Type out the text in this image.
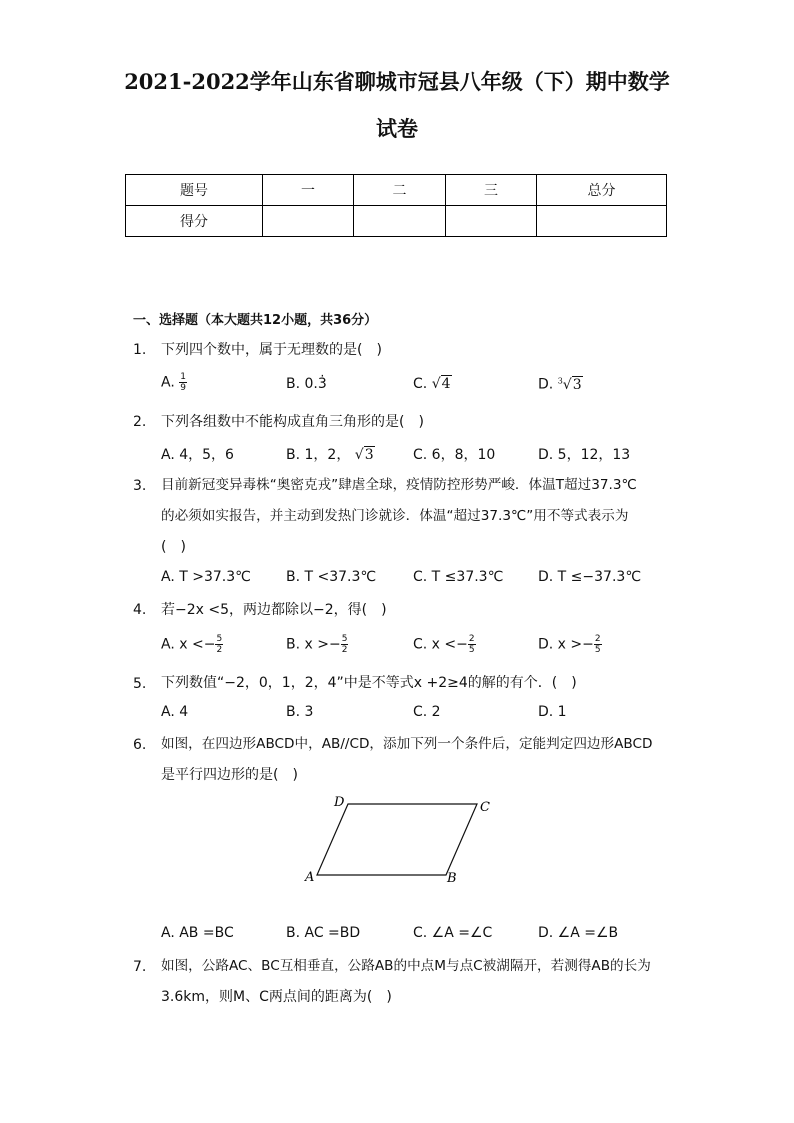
2021-2022学年山东省聊城市冠县八年级（下）期中数学
试卷
题号	一	二	三	总分
得分				
一、选择题（本大题共12小题，共36分）
1. 下列四个数中，属于无理数的是(　)
A. $\frac{1}{9}$	B. 0.3̇	C. √4	D. $^3$√3
2. 下列各组数中不能构成直角三角形的是(　)
A. 4，5，6	B. 1，2， √3	C. 6，8，10	D. 5，12，13
3. 目前新冠变异毒株“奥密克戎”肆虐全球，疫情防控形势严峻．体温T超过37.3℃
的必须如实报告，并主动到发热门诊就诊．体温“超过37.3℃”用不等式表示为
(　)
A. T >37.3℃	B. T <37.3℃	C. T ≤37.3℃ D. T ≤−37.3℃
4. 若−2x <5，两边都除以−2，得(　)
A. $x <- \frac{5}{2}$	B. $x >- \frac{5}{2}$	C. $x <- \frac{2}{5}$	D. $x >- \frac{2}{5}$
5. 下列数值“−2，0，1，2，4”中是不等式x +2≥4的解的有个．(　)
A. 4	B. 3	C. 2	D. 1
6. 如图，在四边形ABCD中，AB//CD，添加下列一个条件后，定能判定四边形ABCD
是平行四边形的是(　)
A	B
C
D
A. AB =BC	B. AC =BD	C. ∠A =∠C	D. ∠A =∠B
7. 如图，公路AC、BC互相垂直，公路AB的中点M与点C被湖隔开，若测得AB的长为
3.6km，则M、C两点间的距离为(　)
